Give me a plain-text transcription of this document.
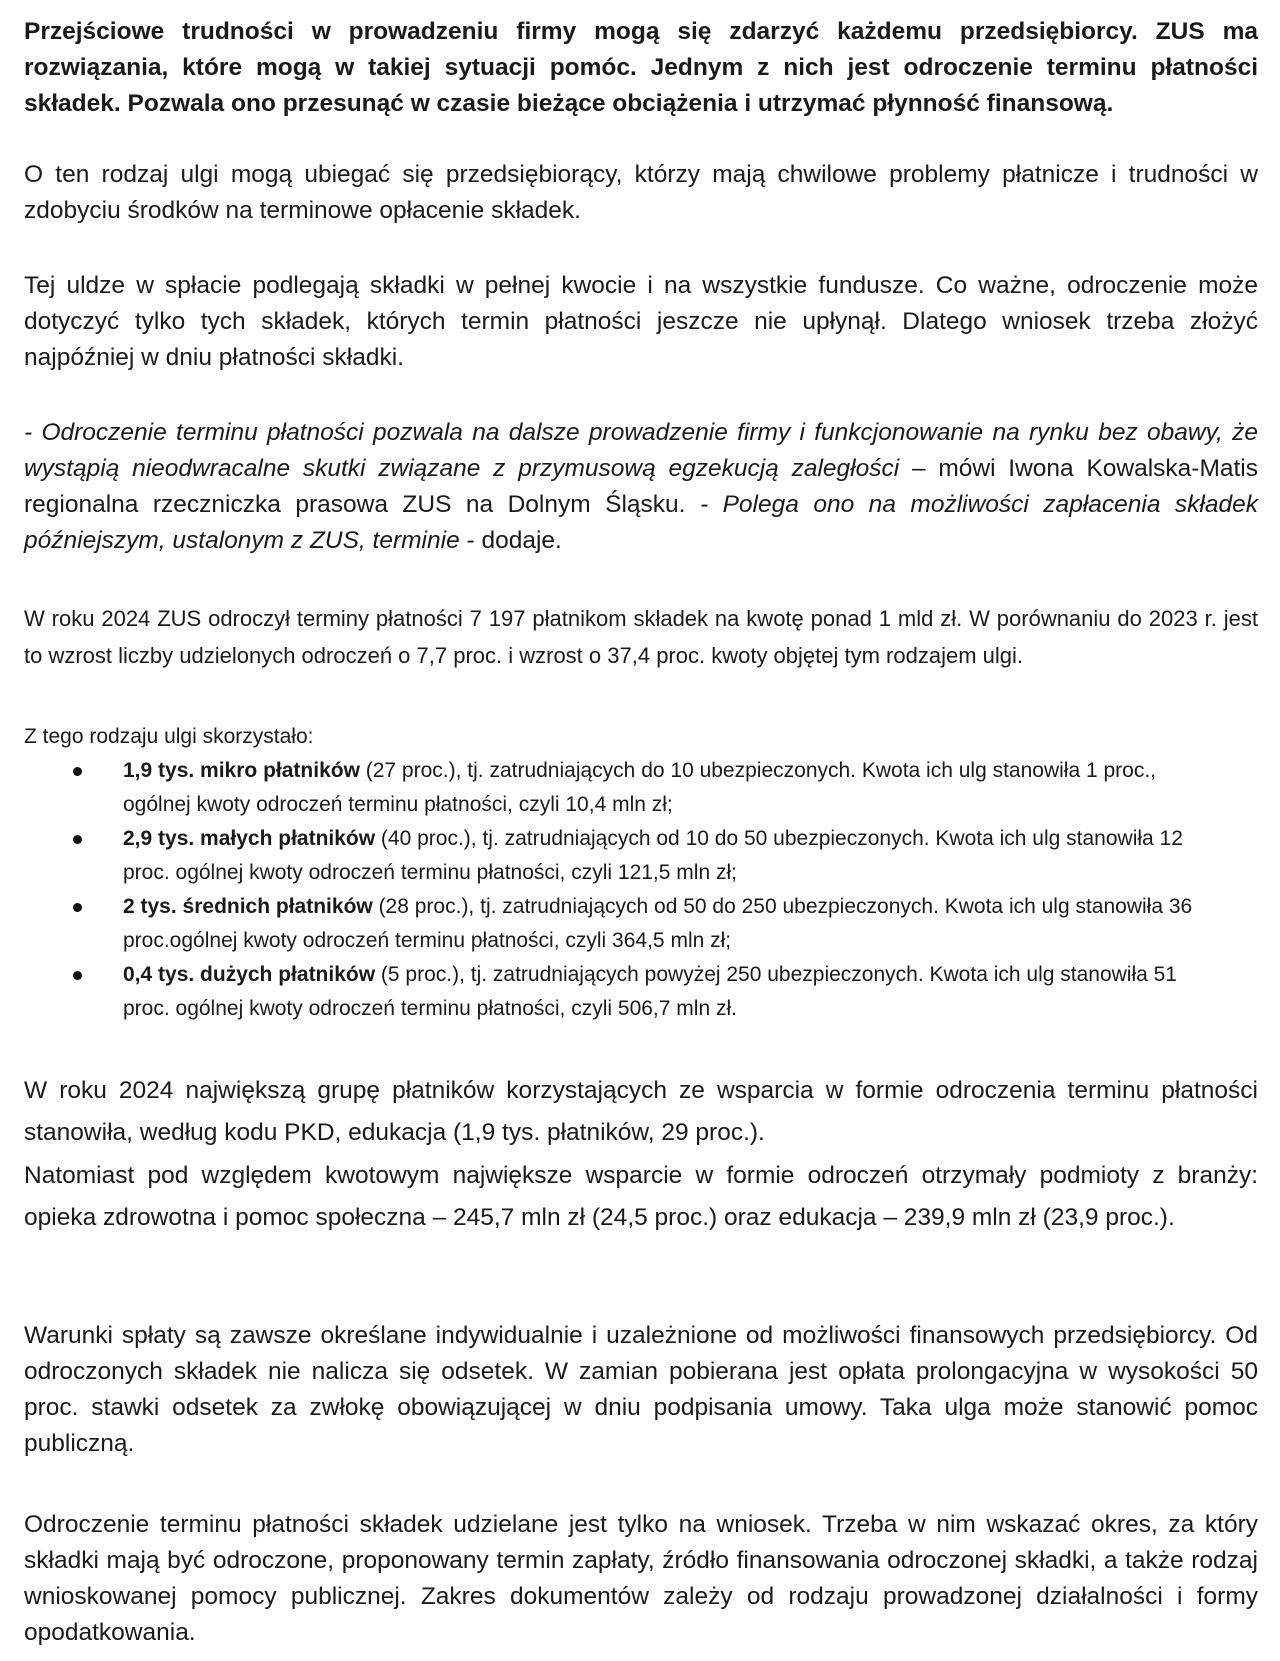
Przejściowe trudności w prowadzeniu firmy mogą się zdarzyć każdemu przedsiębiorcy. ZUS ma rozwiązania, które mogą w takiej sytuacji pomóc. Jednym z nich jest odroczenie terminu płatności składek. Pozwala ono przesunąć w czasie bieżące obciążenia i utrzymać płynność finansową.

O ten rodzaj ulgi mogą ubiegać się przedsiębiorący, którzy mają chwilowe problemy płatnicze i trudności w zdobyciu środków na terminowe opłacenie składek.

Tej uldze w spłacie podlegają składki w pełnej kwocie i na wszystkie fundusze. Co ważne, odroczenie może dotyczyć tylko tych składek, których termin płatności jeszcze nie upłynął. Dlatego wniosek trzeba złożyć najpóźniej w dniu płatności składki.

- Odroczenie terminu płatności pozwala na dalsze prowadzenie firmy i funkcjonowanie na rynku bez obawy, że wystąpią nieodwracalne skutki związane z przymusową egzekucją zaległości – mówi Iwona Kowalska-Matis regionalna rzeczniczka prasowa ZUS na Dolnym Śląsku. - Polega ono na możliwości zapłacenia składek późniejszym, ustalonym z ZUS, terminie - dodaje.

W roku 2024 ZUS odroczył terminy płatności 7 197 płatnikom składek na kwotę ponad 1 mld zł. W porównaniu do 2023 r. jest to wzrost liczby udzielonych odroczeń o 7,7 proc. i wzrost o 37,4 proc. kwoty objętej tym rodzajem ulgi.

Z tego rodzaju ulgi skorzystało:

1,9 tys. mikro płatników (27 proc.), tj. zatrudniających do 10 ubezpieczonych. Kwota ich ulg stanowiła 1 proc., ogólnej kwoty odroczeń terminu płatności, czyli 10,4 mln zł;
2,9 tys. małych płatników (40 proc.), tj. zatrudniających od 10 do 50 ubezpieczonych. Kwota ich ulg stanowiła 12 proc. ogólnej kwoty odroczeń terminu płatności, czyli 121,5 mln zł;
2 tys. średnich płatników (28 proc.), tj. zatrudniających od 50 do 250 ubezpieczonych. Kwota ich ulg stanowiła 36 proc.ogólnej kwoty odroczeń terminu płatności, czyli 364,5 mln zł;
0,4 tys. dużych płatników (5 proc.), tj. zatrudniających powyżej 250 ubezpieczonych. Kwota ich ulg stanowiła 51 proc. ogólnej kwoty odroczeń terminu płatności, czyli 506,7 mln zł.

W roku 2024 największą grupę płatników korzystających ze wsparcia w formie odroczenia terminu płatności stanowiła, według kodu PKD, edukacja (1,9 tys. płatników, 29 proc.).

Natomiast pod względem kwotowym największe wsparcie w formie odroczeń otrzymały podmioty z branży: opieka zdrowotna i pomoc społeczna – 245,7 mln zł (24,5 proc.) oraz edukacja – 239,9 mln zł (23,9 proc.).

Warunki spłaty są zawsze określane indywidualnie i uzależnione od możliwości finansowych przedsiębiorcy. Od odroczonych składek nie nalicza się odsetek. W zamian pobierana jest opłata prolongacyjna w wysokości 50 proc. stawki odsetek za zwłokę obowiązującej w dniu podpisania umowy. Taka ulga może stanowić pomoc publiczną.

Odroczenie terminu płatności składek udzielane jest tylko na wniosek. Trzeba w nim wskazać okres, za który składki mają być odroczone, proponowany termin zapłaty, źródło finansowania odroczonej składki, a także rodzaj wnioskowanej pomocy publicznej. Zakres dokumentów zależy od rodzaju prowadzonej działalności i formy opodatkowania.
